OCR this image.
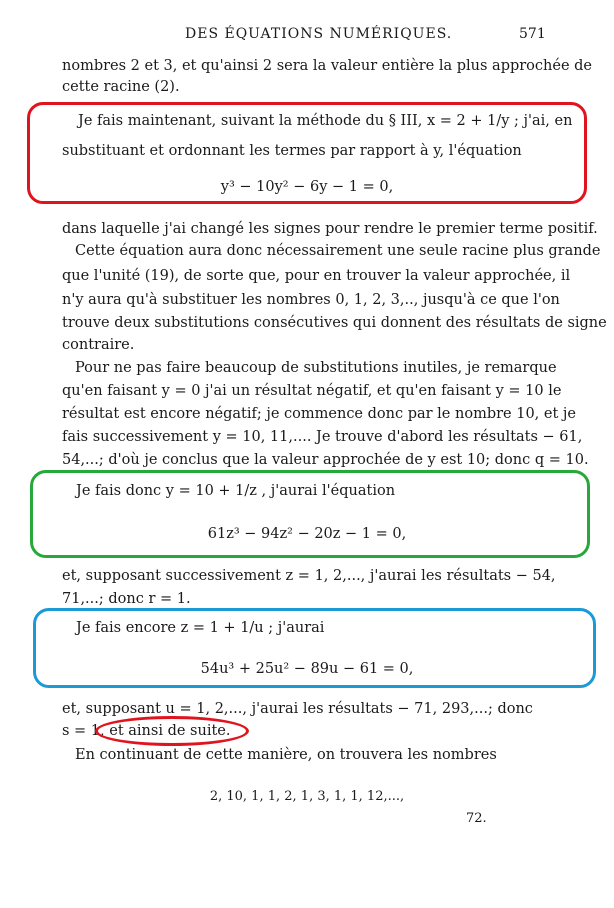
DES ÉQUATIONS NUMÉRIQUES.	571
nombres 2 et 3, et qu'ainsi 2 sera la valeur entière la plus approchée de
cette racine (2).
Je fais maintenant, suivant la méthode du § III, x = 2 + 1/y ; j'ai, en
substituant et ordonnant les termes par rapport à y, l'équation
y³ − 10y² − 6y − 1 = 0,
dans laquelle j'ai changé les signes pour rendre le premier terme positif.
Cette équation aura donc nécessairement une seule racine plus grande
que l'unité (19), de sorte que, pour en trouver la valeur approchée, il
n'y aura qu'à substituer les nombres 0, 1, 2, 3,.., jusqu'à ce que l'on
trouve deux substitutions consécutives qui donnent des résultats de signe
contraire.
Pour ne pas faire beaucoup de substitutions inutiles, je remarque
qu'en faisant y = 0 j'ai un résultat négatif, et qu'en faisant y = 10 le
résultat est encore négatif; je commence donc par le nombre 10, et je
fais successivement y = 10, 11,.... Je trouve d'abord les résultats − 61,
54,...; d'où je conclus que la valeur approchée de y est 10; donc q = 10.
Je fais donc y = 10 + 1/z , j'aurai l'équation
61z³ − 94z² − 20z − 1 = 0,
et, supposant successivement z = 1, 2,..., j'aurai les résultats − 54,
71,...; donc r = 1.
Je fais encore z = 1 + 1/u ; j'aurai
54u³ + 25u² − 89u − 61 = 0,
et, supposant u = 1, 2,..., j'aurai les résultats − 71, 293,...; donc
s = 1, et ainsi de suite.
En continuant de cette manière, on trouvera les nombres
2, 10, 1, 1, 2, 1, 3, 1, 1, 12,...,
72.
